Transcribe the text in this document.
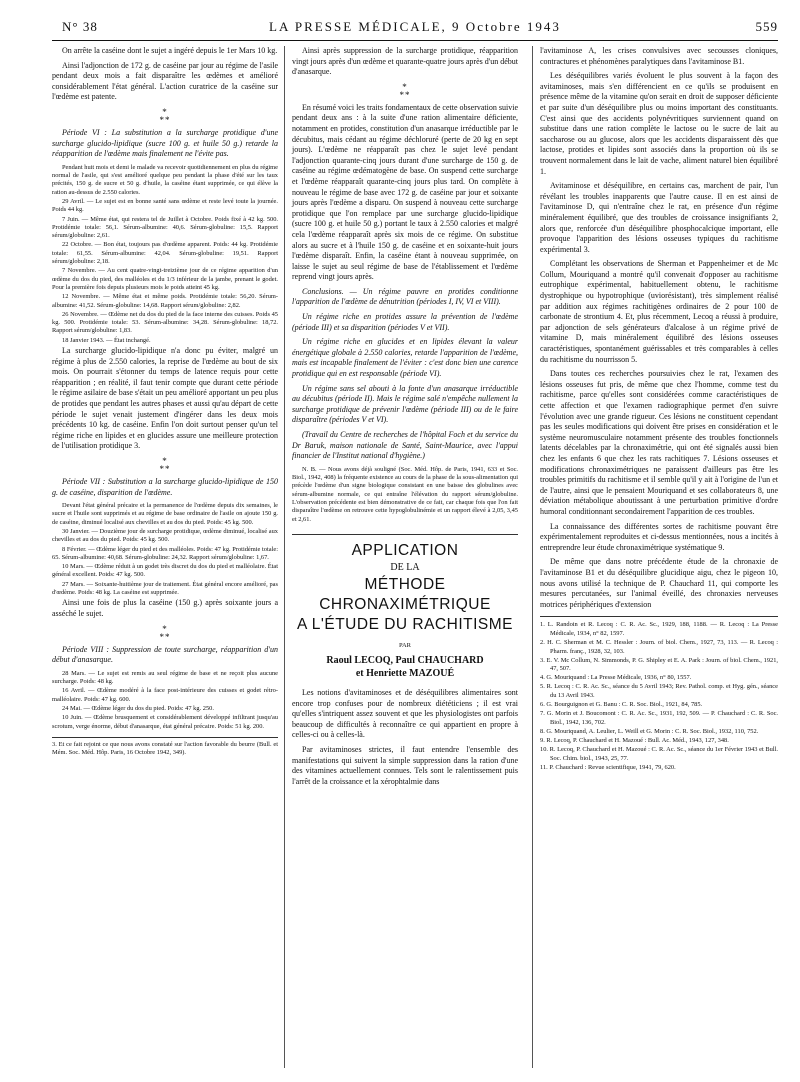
N° 38	LA PRESSE MÉDICALE, 9 Octobre 1943	559

On arrête la caséine dont le sujet a ingéré depuis le 1er Mars 10 kg.

Ainsi l'adjonction de 172 g. de caséine par jour au régime de l'asile pendant deux mois a fait disparaître les œdèmes et amélioré considérablement l'état général. L'action curatrice de la caséine sur l'œdème est patente.

*
**

Période VI : La substitution a la surcharge protidique d'une surcharge glucido-lipidique (sucre 100 g. et huile 50 g.) retarde la réapparition de l'œdème mais finalement ne l'évite pas.

Pendant huit mois et demi le malade va recevoir quotidiennement en plus du régime normal de l'asile, qui s'est amélioré quelque peu pendant la phase d'été sur les taux précités, 150 g. de sucre et 50 g. d'huile, la caséine étant supprimée, ce qui élève la ration au-dessus de 2.550 calories.

29 Avril. — Le sujet est en bonne santé sans œdème et reste levé toute la journée. Poids 44 kg.

7 Juin. — Même état, qui restera tel de Juillet à Octobre. Poids fixé à 42 kg. 500. Protidémie totale: 56,1. Sérum-albumine: 40,6. Sérum-globuline: 15,5. Rapport sérum/globuline: 2,61.

22 Octobre. — Bon état, toujours pas d'œdème apparent. Poids: 44 kg. Protidémie totale: 61,55. Sérum-albumine: 42,04. Sérum-globuline: 19,51. Rapport sérum/globuline: 2,18.

7 Novembre. — Au cent quatre-vingt-treizième jour de ce régime apparition d'un œdème du dos du pied, des malléoles et du 1/3 inférieur de la jambe, prenant le godet. Pour la première fois depuis plusieurs mois le poids atteint 45 kg.

12 Novembre. — Même état et même poids. Protidémie totale: 56,20. Sérum-albumine: 41,52. Sérum-globuline: 14,68. Rapport sérum/globuline: 2,82.

26 Novembre. — Œdème net du dos du pied de la face interne des cuisses. Poids 45 kg. 500. Protidémie totale: 53. Sérum-albumine: 34,28. Sérum-globuline: 18,72. Rapport sérum/globuline: 1,83.

18 Janvier 1943. — État inchangé.

La surcharge glucido-lipidique n'a donc pu éviter, malgré un régime à plus de 2.550 calories, la reprise de l'œdème au bout de six mois. On pourrait s'étonner du temps de latence requis pour cette réapparition ; en réalité, il faut tenir compte que durant cette période le régime asilaire de base s'était un peu amélioré apportant un peu plus de protides que pendant les autres phases et aussi qu'au départ de cette période le sujet venait justement d'ingérer dans les deux mois précédents 10 kg. de caséine. Enfin l'on doit surtout penser qu'un tel régime riche en lipides et en glucides assure une meilleure protection de l'utilisation protidique 3.

*
**

Période VII : Substitution a la surcharge glucido-lipidique de 150 g. de caséine, disparition de l'œdème.

Devant l'état général précaire et la permanence de l'œdème depuis dix semaines, le sucre et l'huile sont supprimés et au régime de base ordinaire de l'asile on ajoute 150 g. de caséine, diminué localisé aux chevilles et au dos du pied. Poids: 45 kg. 500.

30 Janvier. — Douzième jour de surcharge protidique, œdème diminué, localisé aux chevilles et au dos du pied. Poids: 45 kg. 500.

8 Février. — Œdème léger du pied et des malléoles. Poids: 47 kg. Protidémie totale: 65. Sérum-albumine: 40,68. Sérum-globuline: 24,32. Rapport sérum/globuline: 1,67.

10 Mars. — Œdème réduit à un godet très discret du dos du pied et malléolaire. État général excellent. Poids: 47 kg. 500.

27 Mars. — Soixante-huitième jour de traitement. État général encore amélioré, pas d'œdème. Poids: 48 kg. La caséine est supprimée.

Ainsi une fois de plus la caséine (150 g.) après soixante jours a asséché le sujet.

*
**

Période VIII : Suppression de toute surcharge, réapparition d'un début d'anasarque.

28 Mars. — Le sujet est remis au seul régime de base et ne reçoit plus aucune surcharge. Poids: 48 kg.

16 Avril. — Œdème modéré à la face post-intérieure des cuisses et godet rétro-malléolaire. Poids: 47 kg. 600.

24 Mai. — Œdème léger du dos du pied. Poids: 47 kg. 250.

10 Juin. — Œdème brusquement et considérablement développé infiltrant jusqu'au scrotum, verge énorme, début d'anasarque, état général précaire. Poids: 51 kg. 200.

3. Et ce fait rejoint ce que nous avons constaté sur l'action favorable du beurre (Bull. et Mém. Soc. Méd. Hôp. Paris, 16 Octobre 1942, 349).

Ainsi après suppression de la surcharge protidique, réapparition vingt jours après d'un œdème et quarante-quatre jours après d'un début d'anasarque.

*
**

En résumé voici les traits fondamentaux de cette observation suivie pendant deux ans : à la suite d'une ration alimentaire déficiente, notamment en protides, constitution d'un anasarque irréductible par le décubitus, mais cédant au régime déchloruré (perte de 20 kg en sept jours). L'œdème ne réapparaît pas chez le sujet levé pendant l'adjonction quarante-cinq jours durant d'une surcharge de 150 g. de caséine au régime œdématogène de base. On suspend cette surcharge et l'œdème réapparaît quarante-cinq jours plus tard. On complète à nouveau le régime de base avec 172 g. de caséine par jour et soixante jours après l'œdème a disparu. On suspend à nouveau cette surcharge protidique que l'on remplace par une surcharge glucido-lipidique (sucre 100 g. et huile 50 g.) portant le taux à 2.550 calories et malgré cela l'œdème réapparaît après six mois de ce régime. On substitue alors au sucre et à l'huile 150 g. de caséine et en soixante-huit jours l'œdème disparaît. Enfin, la caséine étant à nouveau supprimée, on laisse le sujet au seul régime de base de l'établissement et l'œdème reprend vingt jours après.

Conclusions. — Un régime pauvre en protides conditionne l'apparition de l'œdème de dénutrition (périodes I, IV, VI et VIII).

Un régime riche en protides assure la prévention de l'œdème (période III) et sa disparition (périodes V et VII).

Un régime riche en glucides et en lipides élevant la valeur énergétique globale à 2.550 calories, retarde l'apparition de l'œdème, mais est incapable finalement de l'éviter : c'est donc bien une carence protidique qui en est responsable (période VI).

Un régime sans sel abouti à la fonte d'un anasarque irréductible au décubitus (période II). Mais le régime salé n'empêche nullement la surcharge protidique de prévenir l'œdème (période III) ou de le faire disparaître (périodes V et VI).

(Travail du Centre de recherches de l'hôpital Foch et du service du Dr Baruk, maison nationale de Santé, Saint-Maurice, avec l'appui financier de l'Institut national d'hygiène.)

N. B. — Nous avons déjà souligné (Soc. Méd. Hôp. de Paris, 1941, 633 et Soc. Biol., 1942, 408) la fréquente existence au cours de la phase de la sous-alimentation qui précède l'œdème d'un signe biologique consistant en une baisse des globulines avec sérum-albumine normale, ce qui entraîne l'élévation du rapport sérum/globuline. L'observation précédente est bien démonstrative de ce fait, car chaque fois que l'on fait disparaître l'œdème on retrouve cette hypoglobulinémie et un rapport élevé à 2,05, 3,45 et 2,61.

APPLICATION
DE LA
MÉTHODE CHRONAXIMÉTRIQUE
A L'ÉTUDE DU RACHITISME
PAR
Raoul LECOQ, Paul CHAUCHARD
et Henriette MAZOUÉ

Les notions d'avitaminoses et de déséquilibres alimentaires sont encore trop confuses pour de nombreux diététiciens ; il est vrai qu'elles s'intriquent assez souvent et que les physiologistes ont parfois beaucoup de difficultés à reconnaître ce qui appartient en propre à celles-ci ou à celles-là.

Par avitaminoses strictes, il faut entendre l'ensemble des manifestations qui suivent la simple suppression dans la ration d'une des vitamines actuellement connues. Tels sont le ralentissement puis l'arrêt de la croissance et la xérophtalmie dans

l'avitaminose A, les crises convulsives avec secousses cloniques, contractures et phénomènes paralytiques dans l'avitaminose B1.

Les déséquilibres variés évoluent le plus souvent à la façon des avitaminoses, mais s'en différencient en ce qu'ils se produisent en présence même de la vitamine qu'on serait en droit de supposer déficiente et par suite d'un déséquilibre plus ou moins important des constituants. C'est ainsi que des accidents polynévritiques surviennent quand on substitue dans une ration complète le lactose ou le sucre de lait au saccharose ou au glucose, alors que les accidents disparaissent dès que lactose, protides et lipides sont associés dans la proportion où ils se trouvent normalement dans le lait de vache, aliment naturel bien équilibré 1.

Avitaminose et déséquilibre, en certains cas, marchent de pair, l'un révélant les troubles inapparents que l'autre cause. Il en est ainsi de l'avitaminose D, qui n'entraîne chez le rat, en présence d'un régime minéralement équilibré, que des troubles de croissance insignifiants 2, alors que, renforcée d'un déséquilibre phosphocalcique important, elle provoque l'apparition des lésions osseuses typiques du rachitisme expérimental 3.

Complétant les observations de Sherman et Pappenheimer et de Mc Collum, Mouriquand a montré qu'il convenait d'opposer au rachitisme eutrophique expérimental, habituellement obtenu, le rachitisme dystrophique ou hypotrophique (uviorésistant), très simplement réalisé par addition aux régimes rachitigènes ordinaires de 2 pour 100 de carbonate de strontium 4. Et, plus récemment, Lecoq a réussi à produire, par adjonction de sels générateurs d'alcalose à un régime privé de vitamine D, mais minéralement équilibré des lésions osseuses caractéristiques, spontanément guérissables et très comparables à celles du rachitisme du nourrisson 5.

Dans toutes ces recherches poursuivies chez le rat, l'examen des lésions osseuses fut pris, de même que chez l'homme, comme test du rachitisme, parce qu'elles sont considérées comme caractéristiques de cette affection et que l'examen radiographique permet d'en suivre l'évolution avec une grande rigueur. Ces lésions ne constituent cependant pas les seules modifications qui doivent être prises en considération et le système neuromusculaire notamment présente des troubles fonctionnels latents décelables par la chronaximétrie, qui ont été signalés aussi bien chez les enfants 6 que chez les rats rachitiques 7. Lésions osseuses et modifications chronaximétriques ne paraissent d'ailleurs pas être les troubles primitifs du rachitisme et il semble qu'il y ait à l'origine de l'un et de l'autre, ainsi que le pensaient Mouriquand et ses collaborateurs 8, une déviation métabolique aboutissant à une perturbation primitive d'ordre humoral conditionnant secondairement l'apparition de ces troubles.

La connaissance des différentes sortes de rachitisme pouvant être expérimentalement reproduites et ci-dessus mentionnées, nous a incités à entreprendre leur étude chronaximétrique systématique 9.

De même que dans notre précédente étude de la chronaxie de l'avitaminose B1 et du déséquilibre glucidique aigu, chez le pigeon 10, nous avons utilisé la technique de P. Chauchard 11, qui comporte les mesures percutanées, sur l'animal éveillé, des chronaxies nerveuses motrices périphériques d'extension

1. L. Randoin et R. Lecoq : C. R. Ac. Sc., 1929, 188, 1188. — R. Lecoq : La Presse Médicale, 1934, n° 82, 1597.
2. H. C. Sherman et M. C. Hessler : Journ. of biol. Chem., 1927, 73, 113. — R. Lecoq : Pharm. franç., 1928, 32, 103.
3. E. V. Mc Collum, N. Simmonds, P. G. Shipley et E. A. Park : Journ. of biol. Chem., 1921, 47, 507.
4. G. Mouriquand : La Presse Médicale, 1936, n° 80, 1557.
5. R. Lecoq : C. R. Ac. Sc., séance du 5 Avril 1943; Rev. Pathol. comp. et Hyg. gén., séance du 13 Avril 1943.
6. G. Bourguignon et G. Banu : C. R. Soc. Biol., 1921, 84, 785.
7. G. Morin et J. Boucomont : C. R. Ac. Sc., 1931, 192, 509. — P. Chauchard : C. R. Soc. Biol., 1942, 136, 702.
8. G. Mouriquand, A. Leulier, L. Weill et G. Morin : C. R. Soc. Biol., 1932, 110, 752.
9. R. Lecoq, P. Chauchard et H. Mazoué : Bull. Ac. Méd., 1943, 127, 348.
10. R. Lecoq, P. Chauchard et H. Mazoué : C. R. Ac. Sc., séance du 1er Février 1943 et Bull. Soc. Chim. biol., 1943, 25, 77.
11. P. Chauchard : Revue scientifique, 1941, 79, 620.
